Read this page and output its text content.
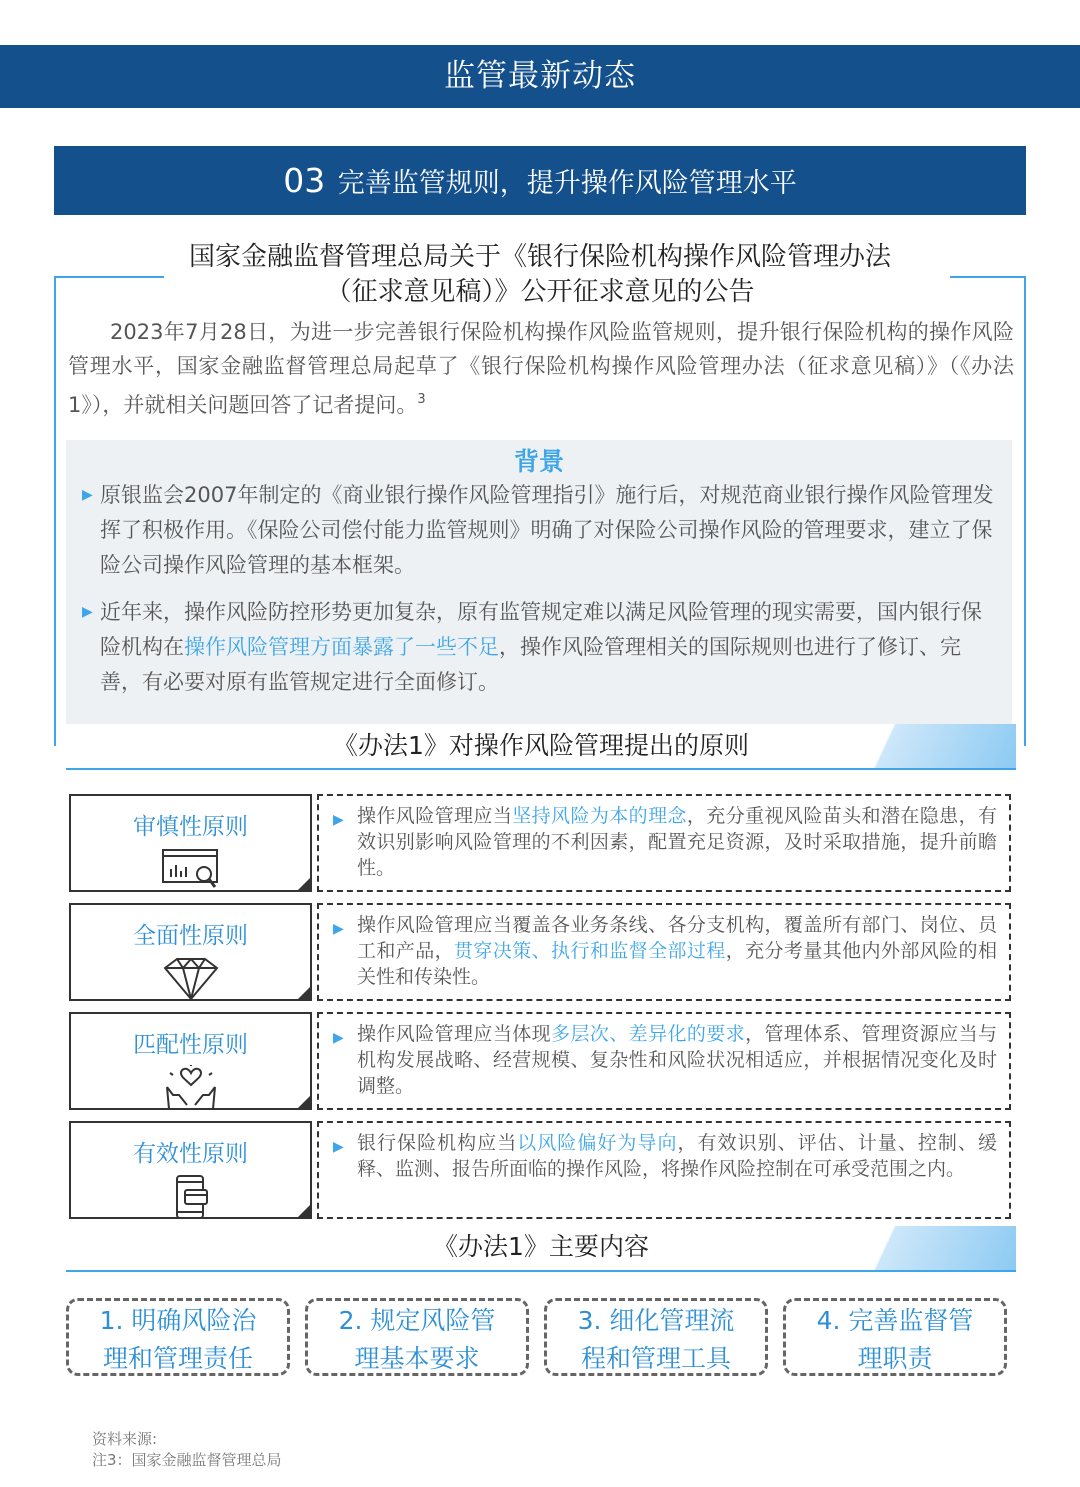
监管最新动态
03 完善监管规则，提升操作风险管理水平
国家金融监督管理总局关于《银行保险机构操作风险管理办法
（征求意见稿）》公开征求意见的公告
2023年7月28日，为进一步完善银行保险机构操作风险监管规则，提升银行保险机构的操作风险管理水平，国家金融监督管理总局起草了《银行保险机构操作风险管理办法（征求意见稿）》（《办法1》），并就相关问题回答了记者提问。$^3$
背景
▶ 原银监会2007年制定的《商业银行操作风险管理指引》施行后，对规范商业银行操作风险管理发挥了积极作用。《保险公司偿付能力监管规则》明确了对保险公司操作风险的管理要求，建立了保险公司操作风险管理的基本框架。
▶ 近年来，操作风险防控形势更加复杂，原有监管规定难以满足风险管理的现实需要，国内银行保险机构在操作风险管理方面暴露了一些不足，操作风险管理相关的国际规则也进行了修订、完善，有必要对原有监管规定进行全面修订。
《办法1》对操作风险管理提出的原则
审慎性原则	▶ 操作风险管理应当坚持风险为本的理念，充分重视风险苗头和潜在隐患，有效识别影响风险管理的不利因素，配置充足资源，及时采取措施，提升前瞻性。
全面性原则	▶ 操作风险管理应当覆盖各业务条线、各分支机构，覆盖所有部门、岗位、员工和产品，贯穿决策、执行和监督全部过程，充分考量其他内外部风险的相关性和传染性。
匹配性原则	▶ 操作风险管理应当体现多层次、差异化的要求，管理体系、管理资源应当与机构发展战略、经营规模、复杂性和风险状况相适应，并根据情况变化及时调整。
有效性原则	▶ 银行保险机构应当以风险偏好为导向，有效识别、评估、计量、控制、缓释、监测、报告所面临的操作风险，将操作风险控制在可承受范围之内。
《办法1》主要内容
1. 明确风险治
理和管理责任
2. 规定风险管
理基本要求
3. 细化管理流
程和管理工具
4. 完善监督管
理职责
资料来源:
注3：国家金融监督管理总局
